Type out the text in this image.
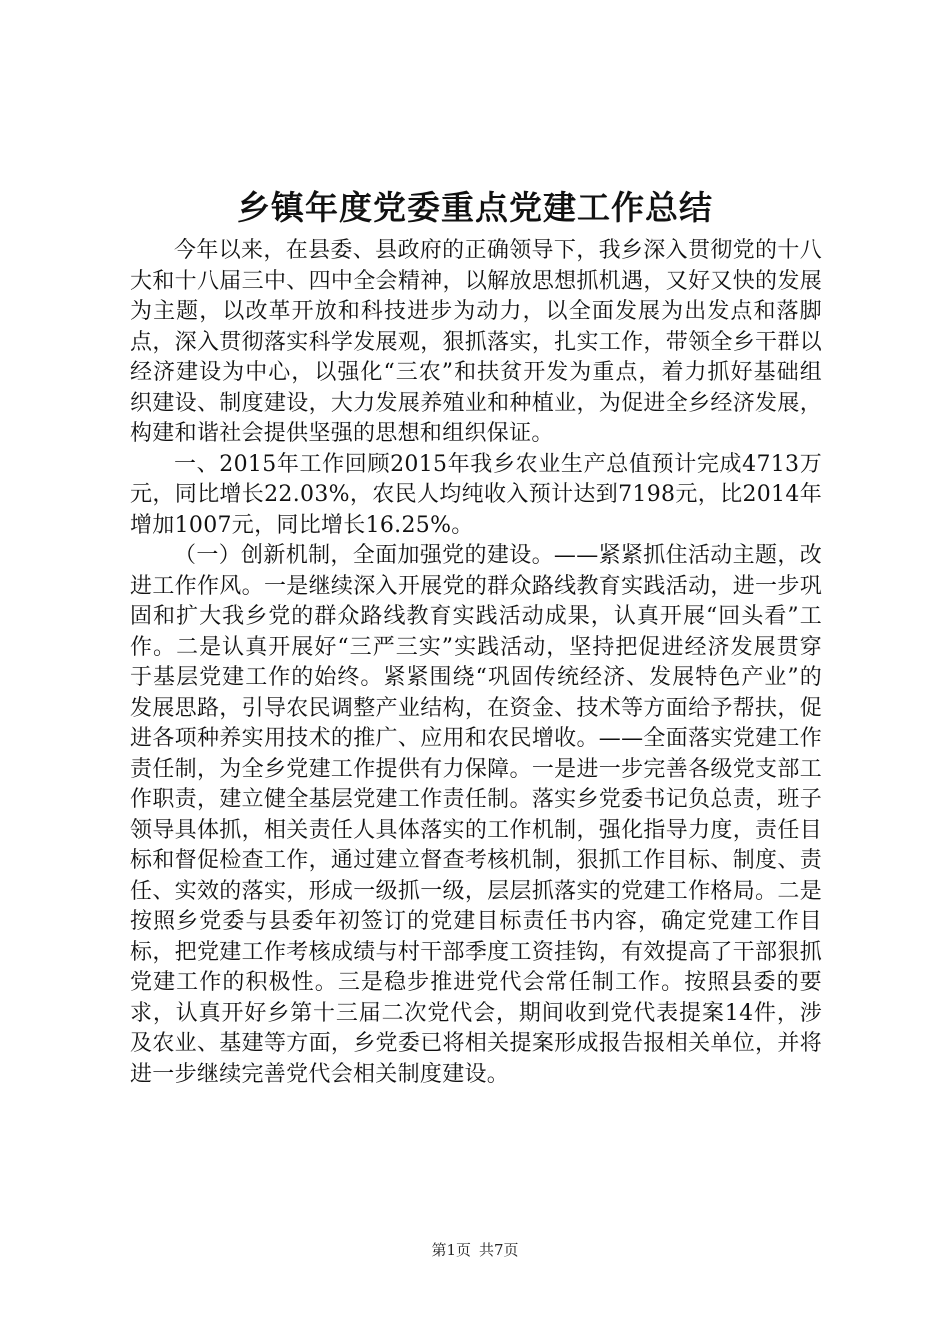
乡镇年度党委重点党建工作总结

今年以来，在县委、县政府的正确领导下，我乡深入贯彻党的十八大和十八届三中、四中全会精神，以解放思想抓机遇，又好又快的发展为主题，以改革开放和科技进步为动力，以全面发展为出发点和落脚点，深入贯彻落实科学发展观，狠抓落实，扎实工作，带领全乡干群以经济建设为中心，以强化“三农”和扶贫开发为重点，着力抓好基础组织建设、制度建设，大力发展养殖业和种植业，为促进全乡经济发展，构建和谐社会提供坚强的思想和组织保证。

一、2015年工作回顾2015年我乡农业生产总值预计完成4713万元，同比增长22.03%，农民人均纯收入预计达到7198元，比2014年增加1007元，同比增长16.25%。

（一）创新机制，全面加强党的建设。——紧紧抓住活动主题，改进工作作风。一是继续深入开展党的群众路线教育实践活动，进一步巩固和扩大我乡党的群众路线教育实践活动成果，认真开展“回头看”工作。二是认真开展好“三严三实”实践活动，坚持把促进经济发展贯穿于基层党建工作的始终。紧紧围绕“巩固传统经济、发展特色产业”的发展思路，引导农民调整产业结构，在资金、技术等方面给予帮扶，促进各项种养实用技术的推广、应用和农民增收。——全面落实党建工作责任制，为全乡党建工作提供有力保障。一是进一步完善各级党支部工作职责，建立健全基层党建工作责任制。落实乡党委书记负总责，班子领导具体抓，相关责任人具体落实的工作机制，强化指导力度，责任目标和督促检查工作，通过建立督查考核机制，狠抓工作目标、制度、责任、实效的落实，形成一级抓一级，层层抓落实的党建工作格局。二是按照乡党委与县委年初签订的党建目标责任书内容，确定党建工作目标，把党建工作考核成绩与村干部季度工资挂钩，有效提高了干部狠抓党建工作的积极性。三是稳步推进党代会常任制工作。按照县委的要求，认真开好乡第十三届二次党代会，期间收到党代表提案14件，涉及农业、基建等方面，乡党委已将相关提案形成报告报相关单位，并将进一步继续完善党代会相关制度建设。

第1页 共7页
